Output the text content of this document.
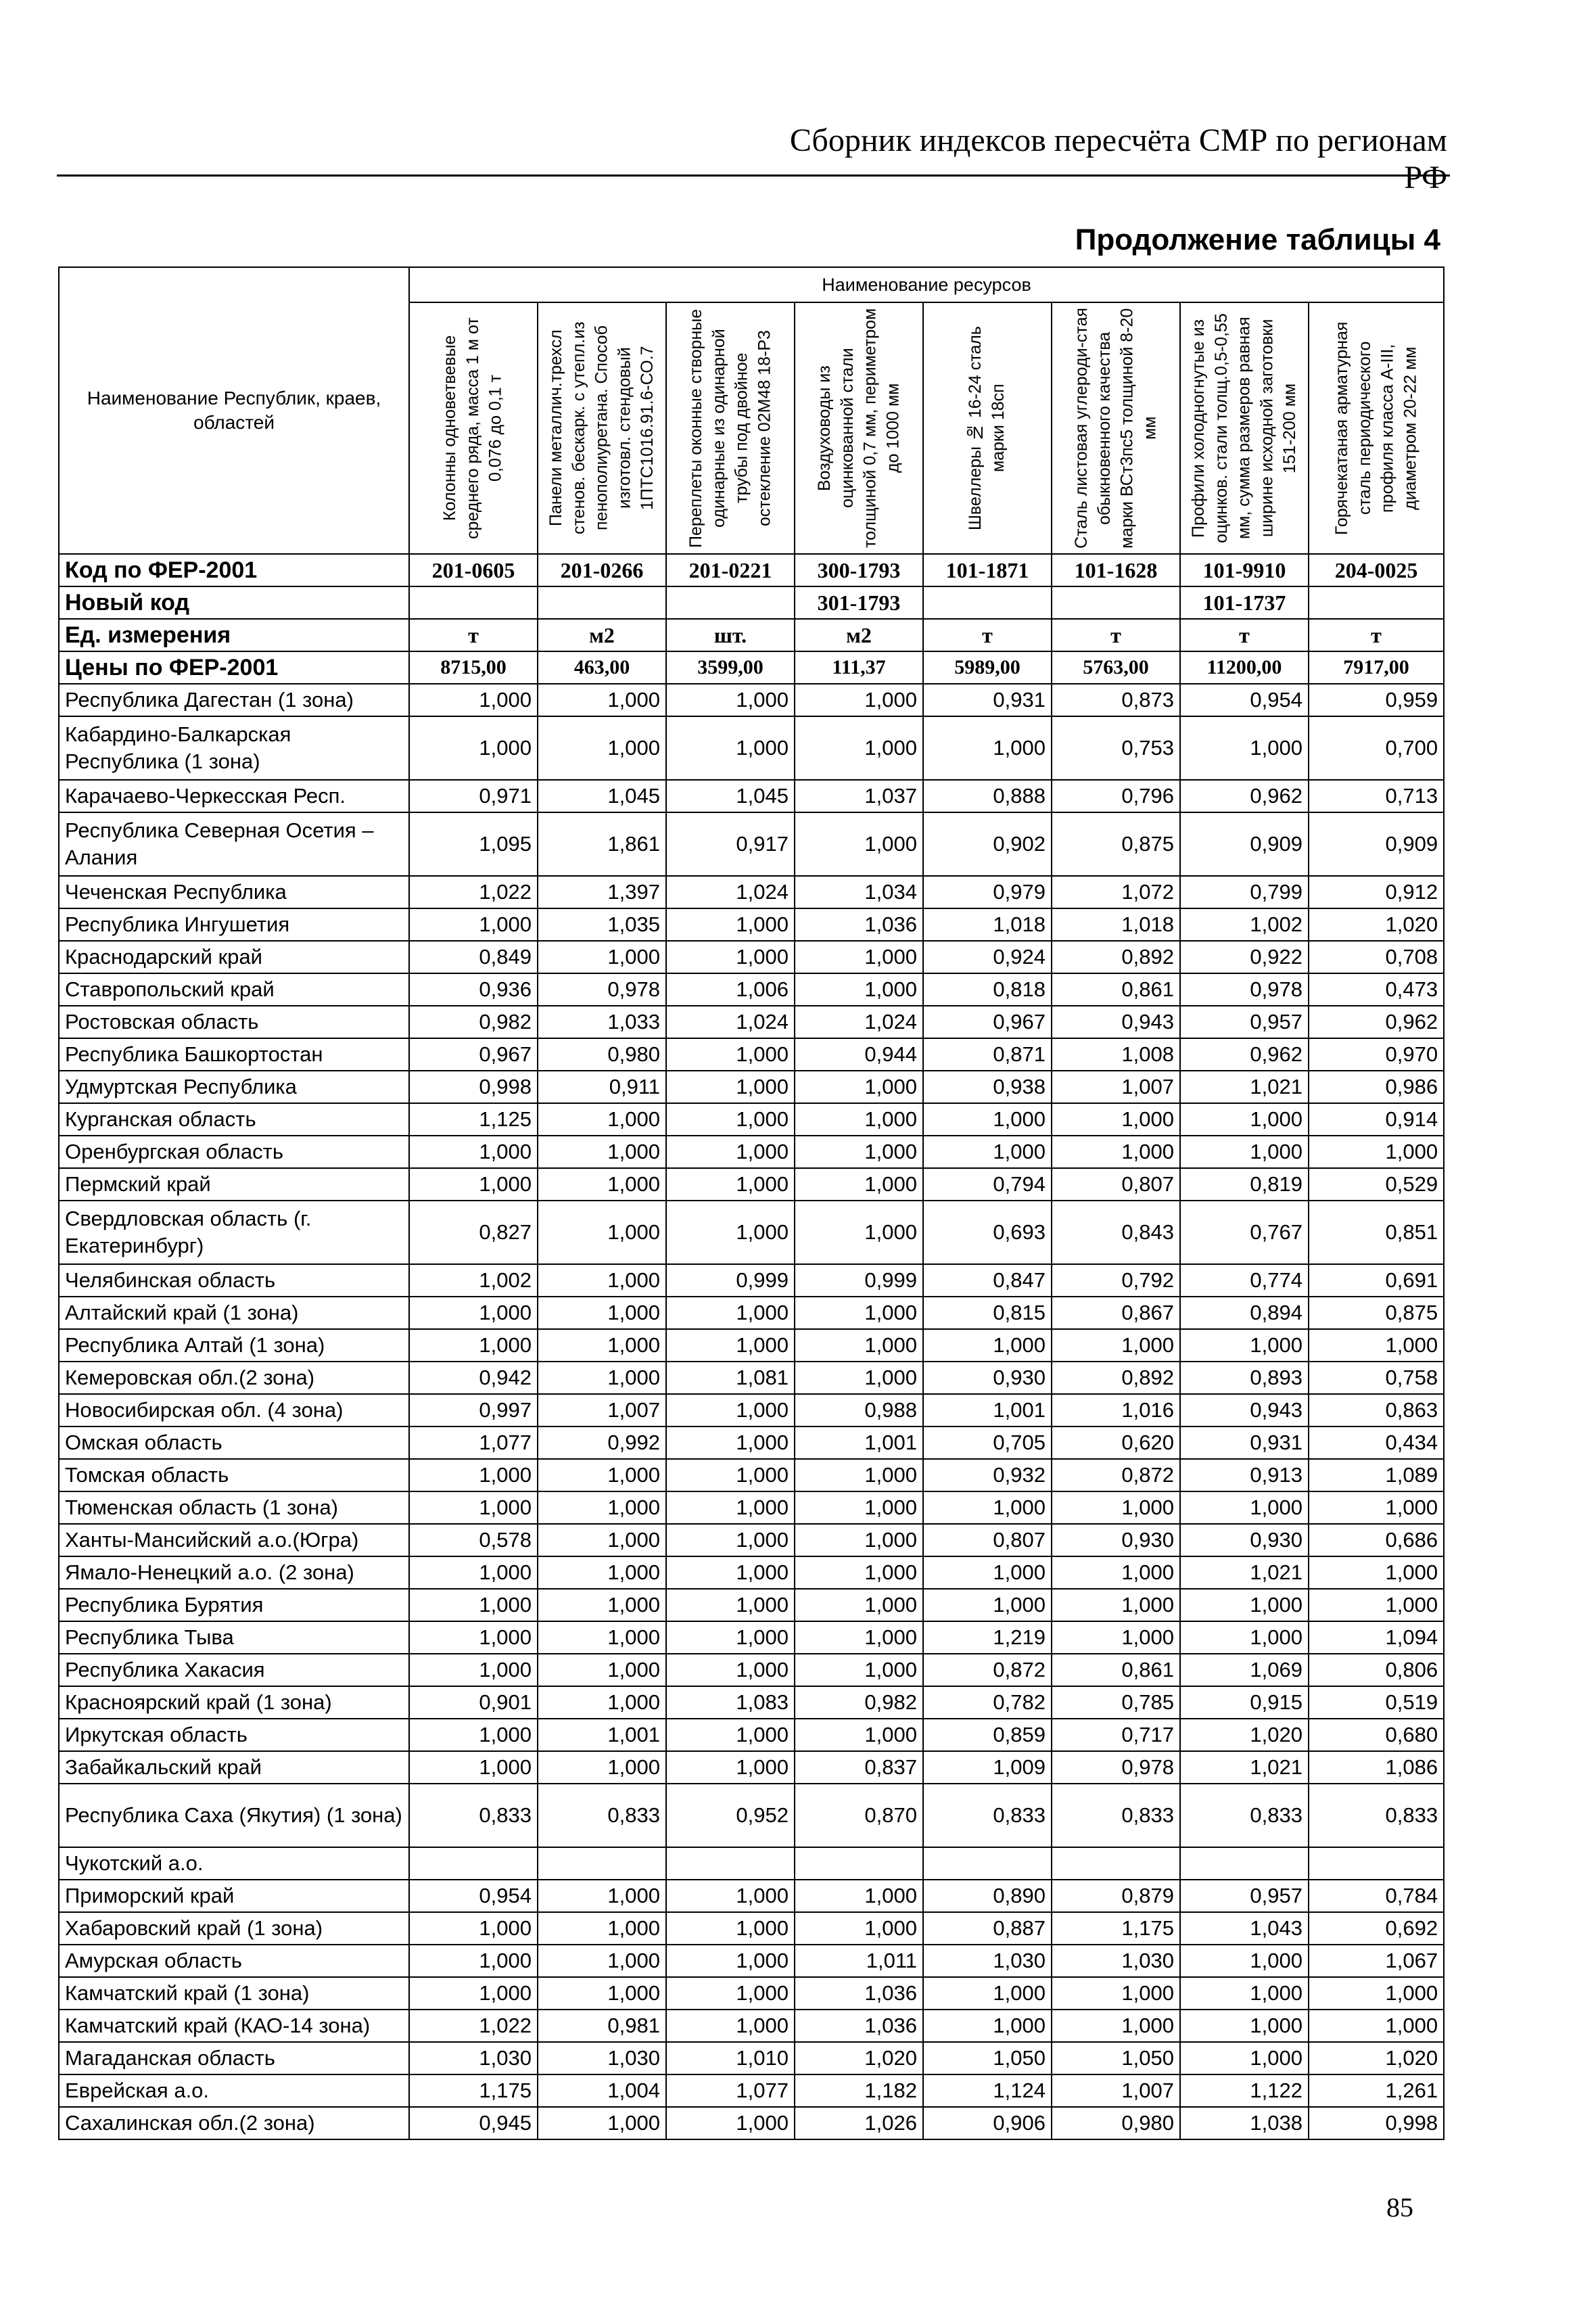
Сборник индексов пересчёта СМР по регионам РФ
Продолжение таблицы 4
Наименование Республик, краев, областей	Наименование ресурсов							

	Колонны одноветвевые среднего ряда, масса 1 м от 0,076 до 0,1 т	Панели металлич.трехсл стенов. бескарк. с утепл.из пенополиуретана. Способ изготовл. стендовый 1ПТС1016.91.6-СО.7	Переплеты оконные створные одинарные из одинарной трубы под двойное остекление 02М48 18-Р3	Воздуховоды из оцинкованной стали толщиной 0,7 мм, периметром до 1000 мм	Швеллеры № 16-24 сталь марки 18сп	Сталь листовая углероди-стая обыкновенного качества марки ВСт3пс5 толщиной 8-20 мм	Профили холодногнутые из оцинков. стали толщ.0,5-0,55 мм, сумма размеров равная ширине исходной заготовки 151-200 мм	Горячекатаная арматурная сталь периодического профиля класса A-III, диаметром 20-22 мм

Код по ФЕР-2001	201-0605	201-0266	201-0221	300-1793	101-1871	101-1628	101-9910	204-0025
Новый код				301-1793			101-1737	
Ед. измерения	т	м2	шт.	м2	т	т	т	т
Цены по ФЕР-2001	8715,00	463,00	3599,00	111,37	5989,00	5763,00	11200,00	7917,00
Республика Дагестан (1 зона)	1,000	1,000	1,000	1,000	0,931	0,873	0,954	0,959
Кабардино-Балкарская Республика (1 зона)	1,000	1,000	1,000	1,000	1,000	0,753	1,000	0,700
Карачаево-Черкесская Респ.	0,971	1,045	1,045	1,037	0,888	0,796	0,962	0,713
Республика Северная Осетия – Алания	1,095	1,861	0,917	1,000	0,902	0,875	0,909	0,909
Чеченская Республика	1,022	1,397	1,024	1,034	0,979	1,072	0,799	0,912
Республика Ингушетия	1,000	1,035	1,000	1,036	1,018	1,018	1,002	1,020
Краснодарский край	0,849	1,000	1,000	1,000	0,924	0,892	0,922	0,708
Ставропольский край	0,936	0,978	1,006	1,000	0,818	0,861	0,978	0,473
Ростовская область	0,982	1,033	1,024	1,024	0,967	0,943	0,957	0,962
Республика Башкортостан	0,967	0,980	1,000	0,944	0,871	1,008	0,962	0,970
Удмуртская Республика	0,998	0,911	1,000	1,000	0,938	1,007	1,021	0,986
Курганская область	1,125	1,000	1,000	1,000	1,000	1,000	1,000	0,914
Оренбургская область	1,000	1,000	1,000	1,000	1,000	1,000	1,000	1,000
Пермский край	1,000	1,000	1,000	1,000	0,794	0,807	0,819	0,529
Свердловская область (г. Екатеринбург)	0,827	1,000	1,000	1,000	0,693	0,843	0,767	0,851
Челябинская область	1,002	1,000	0,999	0,999	0,847	0,792	0,774	0,691
Алтайский край (1 зона)	1,000	1,000	1,000	1,000	0,815	0,867	0,894	0,875
Республика Алтай (1 зона)	1,000	1,000	1,000	1,000	1,000	1,000	1,000	1,000
Кемеровская обл.(2 зона)	0,942	1,000	1,081	1,000	0,930	0,892	0,893	0,758
Новосибирская обл. (4 зона)	0,997	1,007	1,000	0,988	1,001	1,016	0,943	0,863
Омская область	1,077	0,992	1,000	1,001	0,705	0,620	0,931	0,434
Томская область	1,000	1,000	1,000	1,000	0,932	0,872	0,913	1,089
Тюменская область (1 зона)	1,000	1,000	1,000	1,000	1,000	1,000	1,000	1,000
Ханты-Мансийский а.о.(Югра)	0,578	1,000	1,000	1,000	0,807	0,930	0,930	0,686
Ямало-Ненецкий а.о. (2 зона)	1,000	1,000	1,000	1,000	1,000	1,000	1,021	1,000
Республика Бурятия	1,000	1,000	1,000	1,000	1,000	1,000	1,000	1,000
Республика Тыва	1,000	1,000	1,000	1,000	1,219	1,000	1,000	1,094
Республика Хакасия	1,000	1,000	1,000	1,000	0,872	0,861	1,069	0,806
Красноярский край (1 зона)	0,901	1,000	1,083	0,982	0,782	0,785	0,915	0,519
Иркутская область	1,000	1,001	1,000	1,000	0,859	0,717	1,020	0,680
Забайкальский край	1,000	1,000	1,000	0,837	1,009	0,978	1,021	1,086
Республика Саха (Якутия) (1 зона)	0,833	0,833	0,952	0,870	0,833	0,833	0,833	0,833
Чукотский а.о.								
Приморский край	0,954	1,000	1,000	1,000	0,890	0,879	0,957	0,784
Хабаровский край (1 зона)	1,000	1,000	1,000	1,000	0,887	1,175	1,043	0,692
Амурская область	1,000	1,000	1,000	1,011	1,030	1,030	1,000	1,067
Камчатский край (1 зона)	1,000	1,000	1,000	1,036	1,000	1,000	1,000	1,000
Камчатский край (КАО-14 зона)	1,022	0,981	1,000	1,036	1,000	1,000	1,000	1,000
Магаданская область	1,030	1,030	1,010	1,020	1,050	1,050	1,000	1,020
Еврейская а.о.	1,175	1,004	1,077	1,182	1,124	1,007	1,122	1,261
Сахалинская обл.(2 зона)	0,945	1,000	1,000	1,026	0,906	0,980	1,038	0,998
85
